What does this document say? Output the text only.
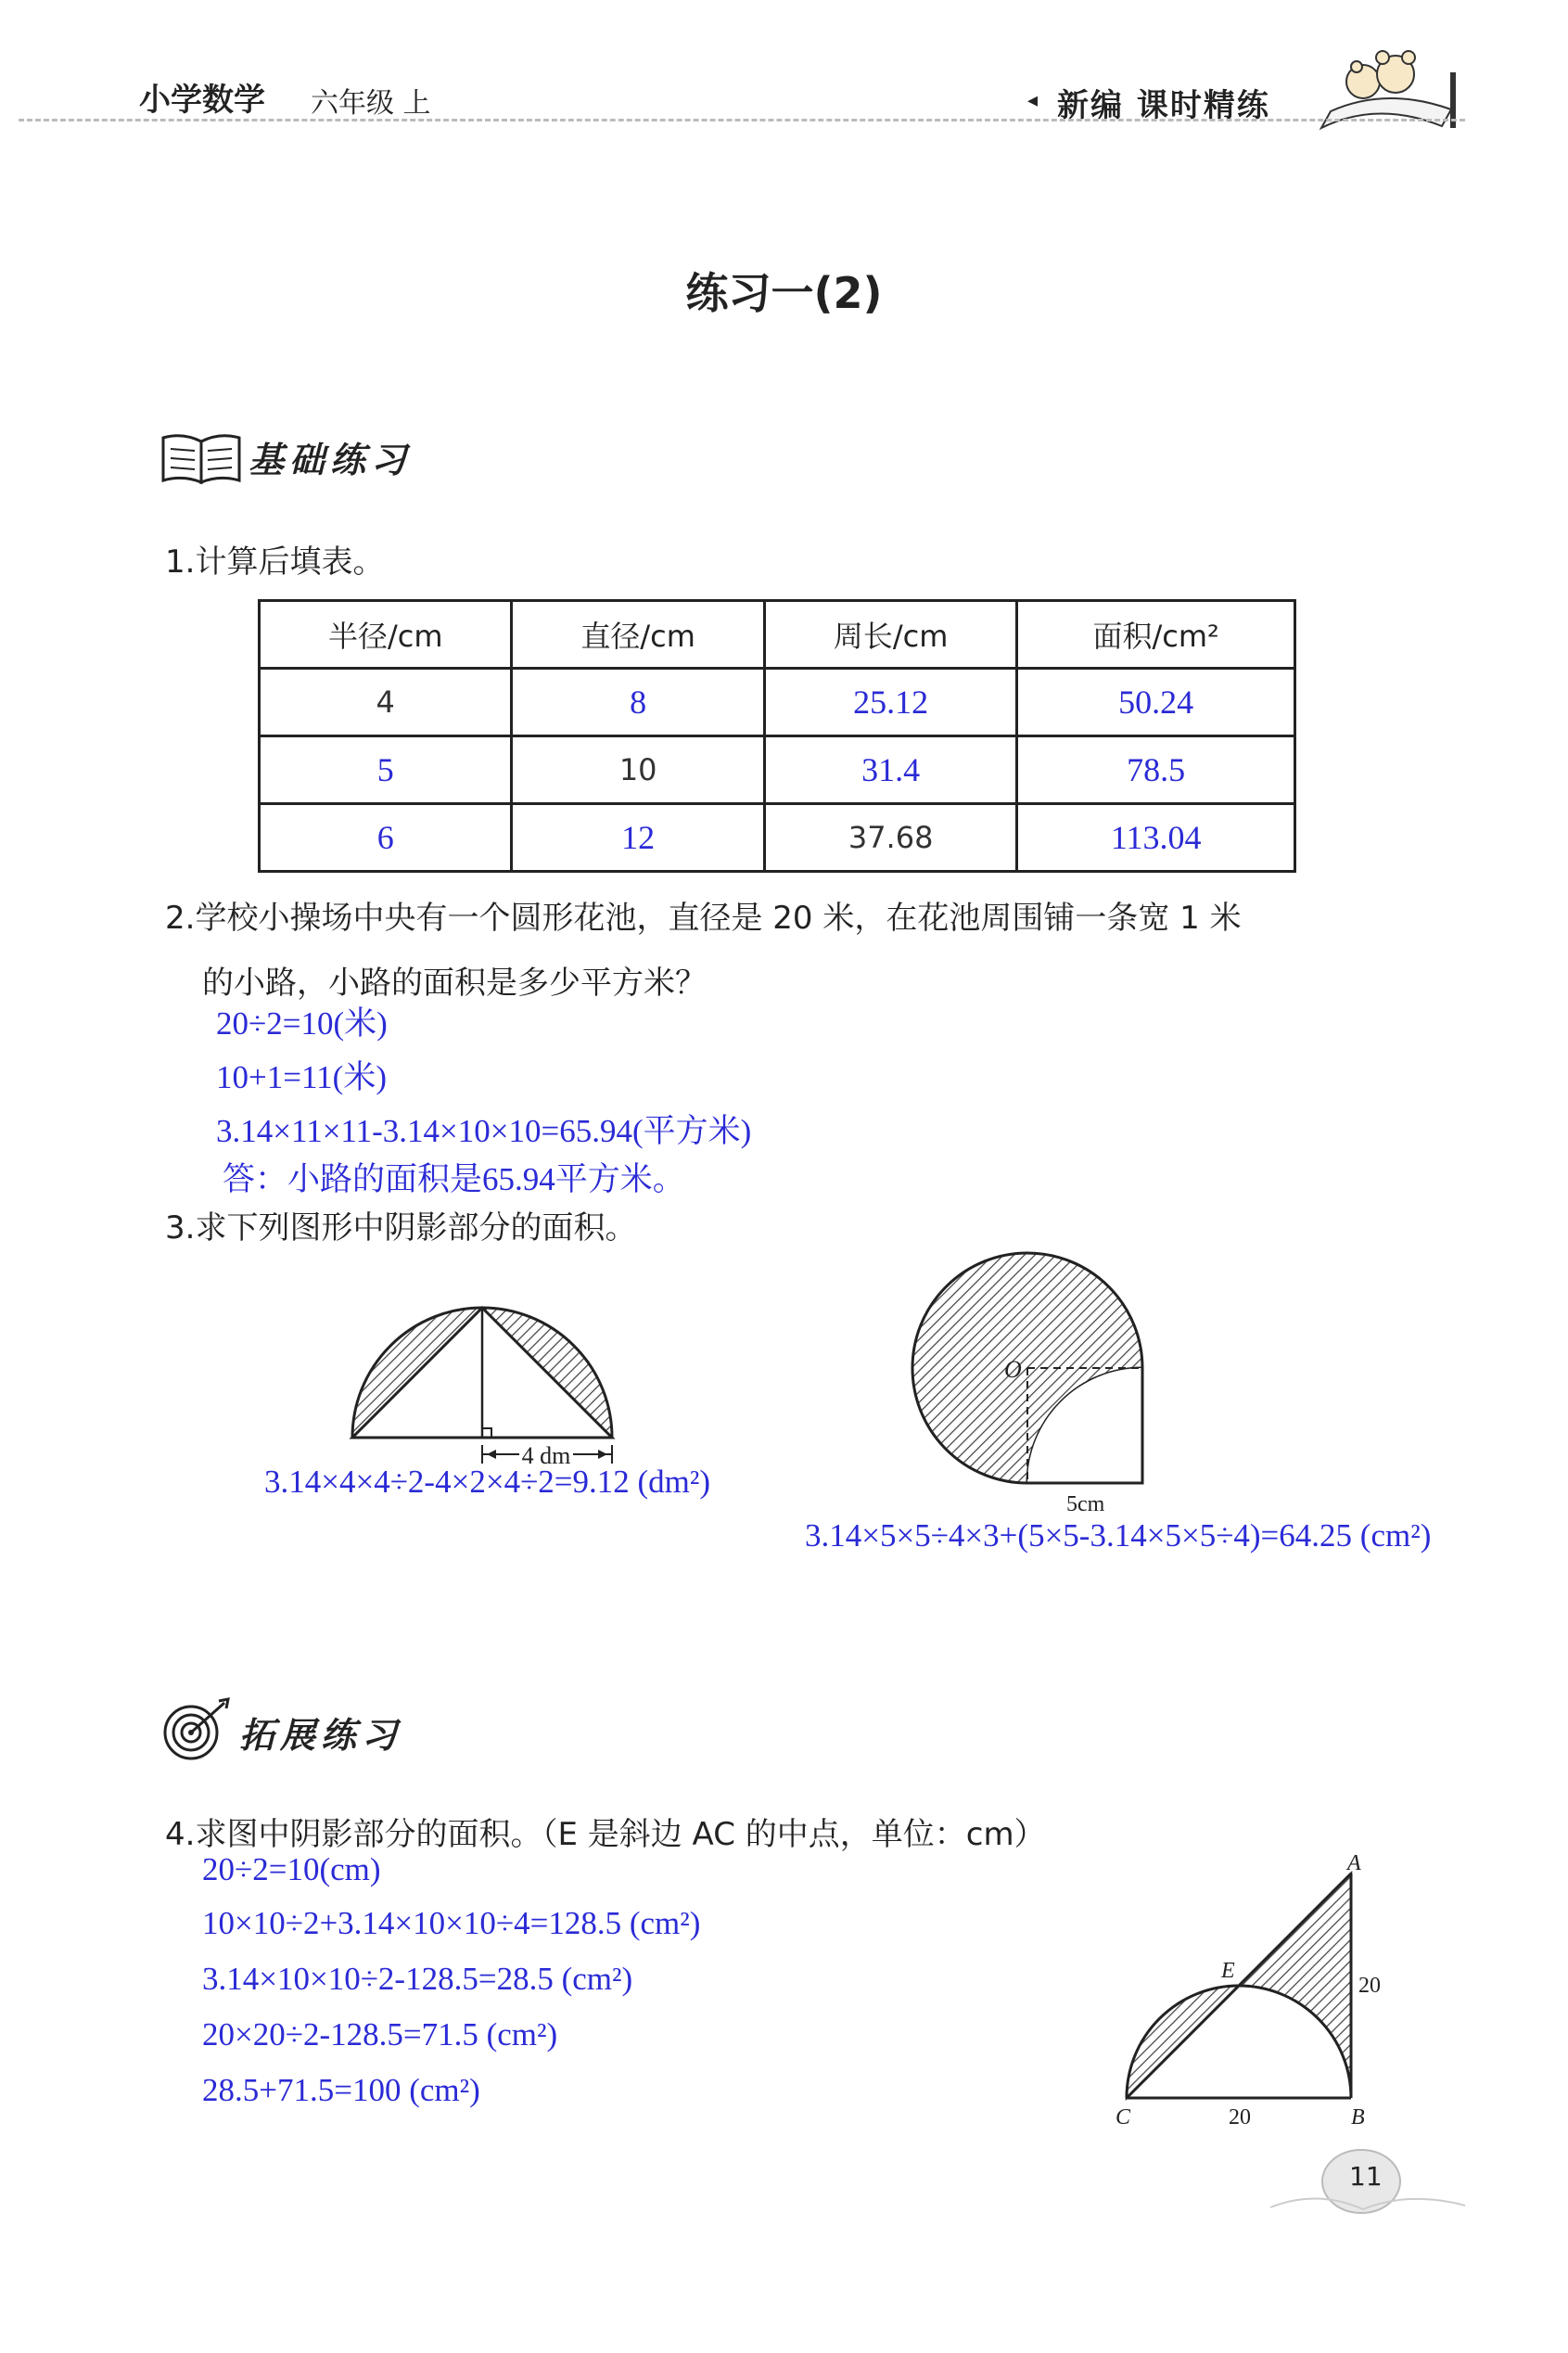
小学数学 六年级 上	◂ 新编 课时精练
练习一(2)
基础练习
1.计算后填表。
半径/cm	直径/cm	周长/cm	面积/cm²
4	8	25.12	50.24
5	10	31.4	78.5
6	12	37.68	113.04
2.学校小操场中央有一个圆形花池，直径是 20 米，在花池周围铺一条宽 1 米
的小路，小路的面积是多少平方米？
20÷2=10(米)
10+1=11(米)
3.14×11×11-3.14×10×10=65.94(平方米)
答：小路的面积是65.94平方米。
3.求下列图形中阴影部分的面积。
4 dm
3.14×4×4÷2-4×2×4÷2=9.12 (dm²)
O
5cm
3.14×5×5÷4×3+(5×5-3.14×5×5÷4)=64.25 (cm²)
拓展练习
4.求图中阴影部分的面积。（E 是斜边 AC 的中点，单位：cm）
20÷2=10(cm)
10×10÷2+3.14×10×10÷4=128.5 (cm²)
3.14×10×10÷2-128.5=28.5 (cm²)
20×20÷2-128.5=71.5 (cm²)
28.5+71.5=100 (cm²)
A
B
C
E
20
20
11
